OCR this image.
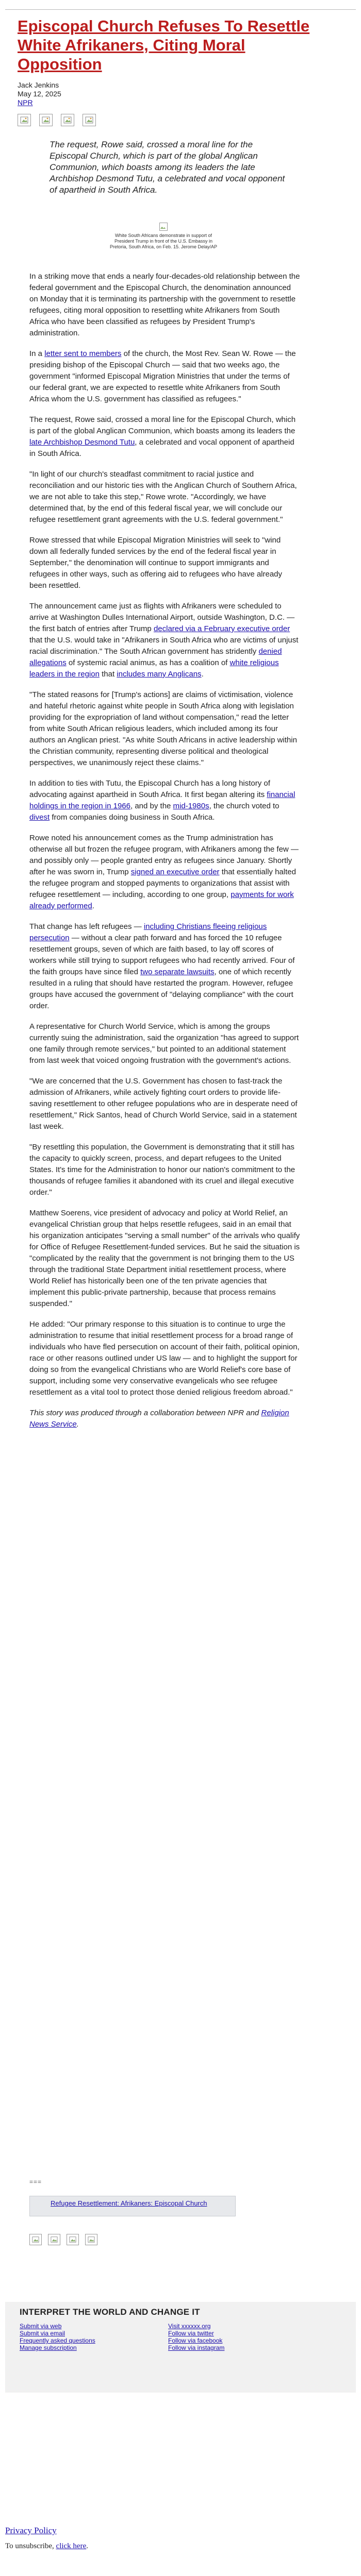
Episcopal Church Refuses To Resettle White Afrikaners, Citing Moral Opposition
Jack Jenkins
May 12, 2025
NPR

The request, Rowe said, crossed a moral line for the Episcopal Church, which is part of the global Anglican Communion, which boasts among its leaders the late Archbishop Desmond Tutu, a celebrated and vocal opponent of apartheid in South Africa.

White South Africans demonstrate in support of President Trump in front of the U.S. Embassy in Pretoria, South Africa, on Feb. 15. Jerome Delay/AP

In a striking move that ends a nearly four-decades-old relationship between the federal government and the Episcopal Church, the denomination announced on Monday that it is terminating its partnership with the government to resettle refugees, citing moral opposition to resettling white Afrikaners from South Africa who have been classified as refugees by President Trump's administration.

In a letter sent to members of the church, the Most Rev. Sean W. Rowe — the presiding bishop of the Episcopal Church — said that two weeks ago, the government "informed Episcopal Migration Ministries that under the terms of our federal grant, we are expected to resettle white Afrikaners from South Africa whom the U.S. government has classified as refugees."

The request, Rowe said, crossed a moral line for the Episcopal Church, which is part of the global Anglican Communion, which boasts among its leaders the late Archbishop Desmond Tutu, a celebrated and vocal opponent of apartheid in South Africa.

"In light of our church's steadfast commitment to racial justice and reconciliation and our historic ties with the Anglican Church of Southern Africa, we are not able to take this step," Rowe wrote. "Accordingly, we have determined that, by the end of this federal fiscal year, we will conclude our refugee resettlement grant agreements with the U.S. federal government."

Rowe stressed that while Episcopal Migration Ministries will seek to "wind down all federally funded services by the end of the federal fiscal year in September," the denomination will continue to support immigrants and refugees in other ways, such as offering aid to refugees who have already been resettled.

The announcement came just as flights with Afrikaners were scheduled to arrive at Washington Dulles International Airport, outside Washington, D.C. — the first batch of entries after Trump declared via a February executive order that the U.S. would take in "Afrikaners in South Africa who are victims of unjust racial discrimination." The South African government has stridently denied allegations of systemic racial animus, as has a coalition of white religious leaders in the region that includes many Anglicans.

"The stated reasons for [Trump's actions] are claims of victimisation, violence and hateful rhetoric against white people in South Africa along with legislation providing for the expropriation of land without compensation," read the letter from white South African religious leaders, which included among its four authors an Anglican priest. "As white South Africans in active leadership within the Christian community, representing diverse political and theological perspectives, we unanimously reject these claims."

In addition to ties with Tutu, the Episcopal Church has a long history of advocating against apartheid in South Africa. It first began altering its financial holdings in the region in 1966, and by the mid-1980s, the church voted to divest from companies doing business in South Africa.

Rowe noted his announcement comes as the Trump administration has otherwise all but frozen the refugee program, with Afrikaners among the few — and possibly only — people granted entry as refugees since January. Shortly after he was sworn in, Trump signed an executive order that essentially halted the refugee program and stopped payments to organizations that assist with refugee resettlement — including, according to one group, payments for work already performed.

That change has left refugees — including Christians fleeing religious persecution — without a clear path forward and has forced the 10 refugee resettlement groups, seven of which are faith based, to lay off scores of workers while still trying to support refugees who had recently arrived. Four of the faith groups have since filed two separate lawsuits, one of which recently resulted in a ruling that should have restarted the program. However, refugee groups have accused the government of "delaying compliance" with the court order.

A representative for Church World Service, which is among the groups currently suing the administration, said the organization "has agreed to support one family through remote services," but pointed to an additional statement from last week that voiced ongoing frustration with the government's actions.

"We are concerned that the U.S. Government has chosen to fast-track the admission of Afrikaners, while actively fighting court orders to provide life-saving resettlement to other refugee populations who are in desperate need of resettlement," Rick Santos, head of Church World Service, said in a statement last week.

"By resettling this population, the Government is demonstrating that it still has the capacity to quickly screen, process, and depart refugees to the United States. It's time for the Administration to honor our nation's commitment to the thousands of refugee families it abandoned with its cruel and illegal executive order."

Matthew Soerens, vice president of advocacy and policy at World Relief, an evangelical Christian group that helps resettle refugees, said in an email that his organization anticipates "serving a small number" of the arrivals who qualify for Office of Refugee Resettlement-funded services. But he said the situation is "complicated by the reality that the government is not bringing them to the US through the traditional State Department initial resettlement process, where World Relief has historically been one of the ten private agencies that implement this public-private partnership, because that process remains suspended."

He added: "Our primary response to this situation is to continue to urge the administration to resume that initial resettlement process for a broad range of individuals who have fled persecution on account of their faith, political opinion, race or other reasons outlined under US law — and to highlight the support for doing so from the evangelical Christians who are World Relief's core base of support, including some very conservative evangelicals who see refugee resettlement as a vital tool to protect those denied religious freedom abroad."

This story was produced through a collaboration between NPR and Religion News Service.

===
Refugee Resettlement: Afrikaners: Episcopal Church
INTERPRET THE WORLD AND CHANGE IT
Submit via web
Submit via email
Frequently asked questions
Manage subscription
Visit xxxxxx.org
Follow via twitter
Follow via facebook
Follow via instagram
Privacy Policy
To unsubscribe, click here.
